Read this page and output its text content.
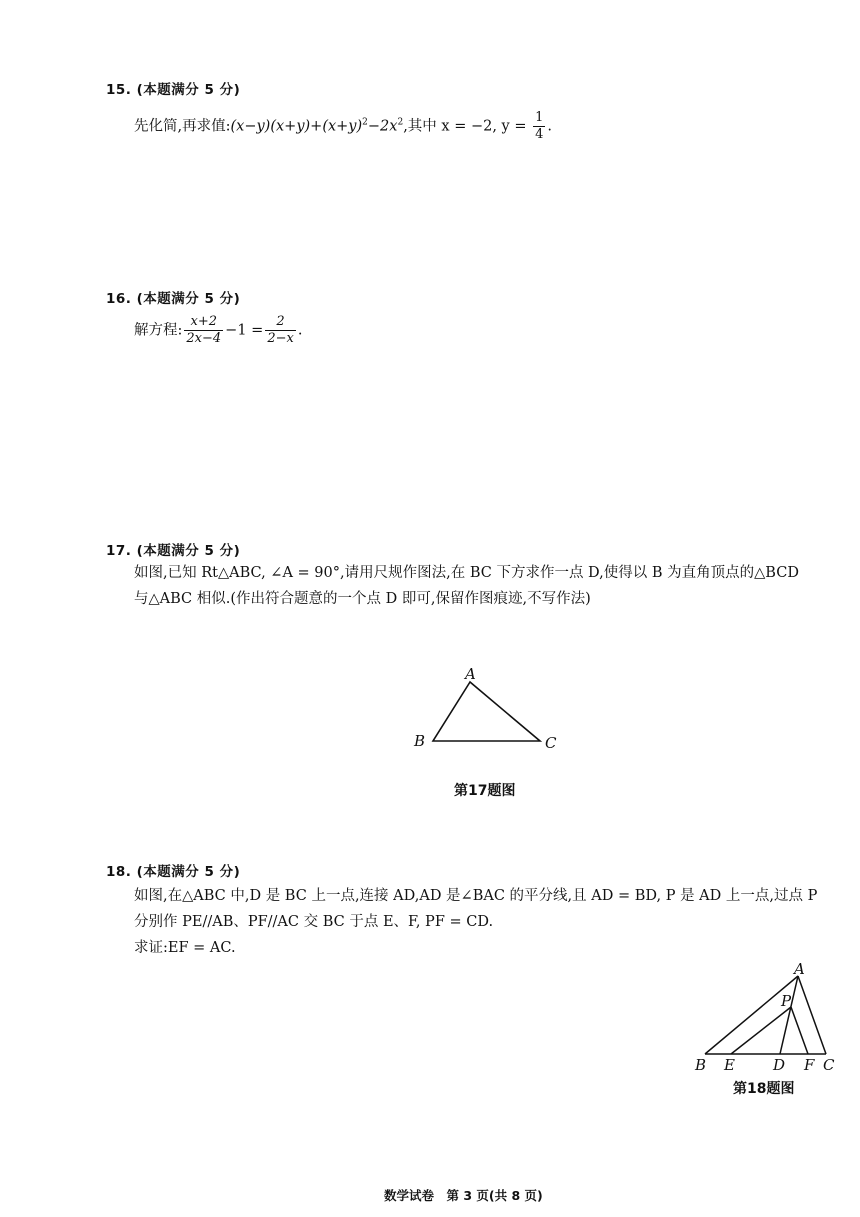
15. (本题满分 5 分)
先化简,再求值$:(x-y)(x+y)+(x+y)^2-2x^2$,其中 x = −2, $y = \frac{1}{4}$ .
16. (本题满分 5 分)
解方程: $\frac{x+2}{2x-4} -1 = \frac{2}{2-x}$ .
17. (本题满分 5 分)
如图,已知 Rt△ABC, ∠A = 90°,请用尺规作图法,在 BC 下方求作一点 D,使得以 B 为直角顶点的△BCD
与△ABC 相似.(作出符合题意的一个点 D 即可,保留作图痕迹,不写作法)
A
B	C
第17题图
18. (本题满分 5 分)
如图,在△ABC 中,D 是 BC 上一点,连接 AD,AD 是∠BAC 的平分线,且 AD = BD, P 是 AD 上一点,过点 P
分别作 PE//AB、PF//AC 交 BC 于点 E、F, PF = CD.
求证:EF = AC.
A
P
B E	D F C
第18题图
数学试卷　第 3 页(共 8 页)
